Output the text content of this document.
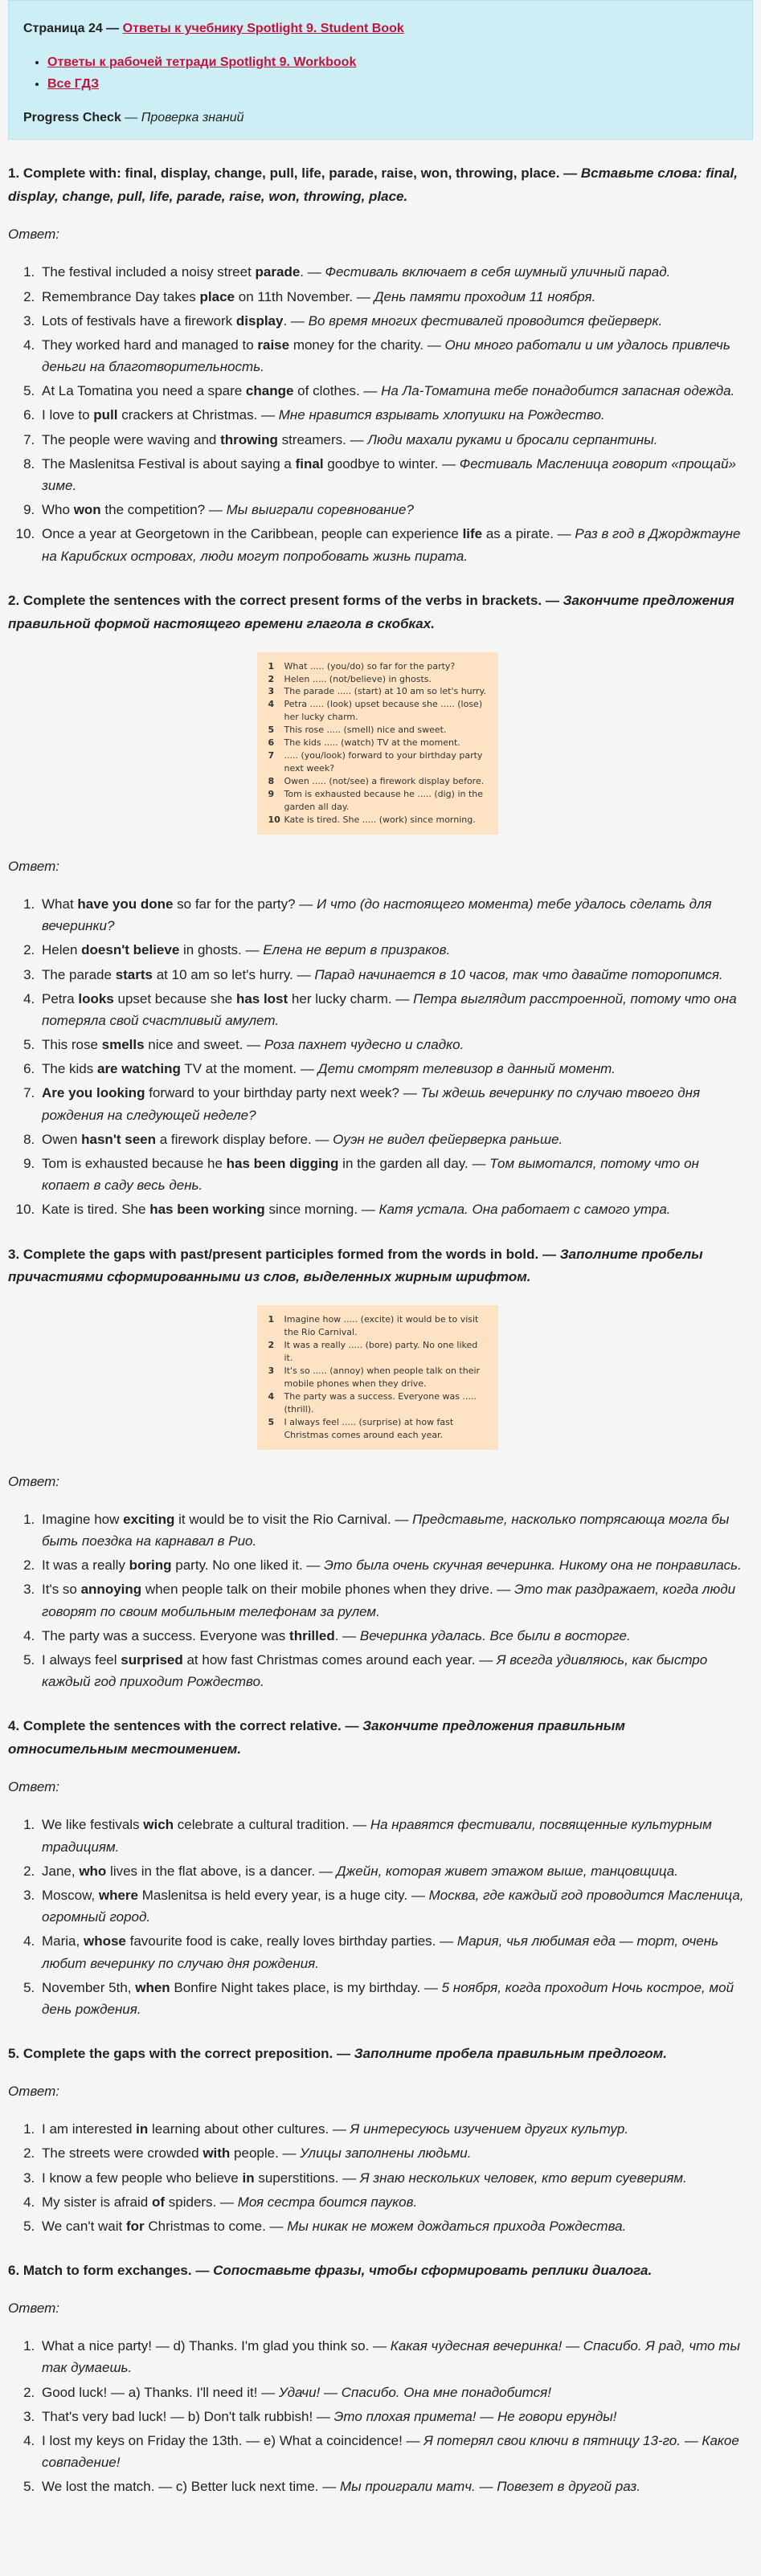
Страница 24 — Ответы к учебнику Spotlight 9. Student Book

• Ответы к рабочей тетради Spotlight 9. Workbook
• Все ГДЗ

Progress Check — Проверка знаний

1. Complete with: final, display, change, pull, life, parade, raise, won, throwing, place. — Вставьте слова: final, display, change, pull, life, parade, raise, won, throwing, place.
Ответ:
1. The festival included a noisy street parade. — Фестиваль включает в себя шумный уличный парад.
2. Remembrance Day takes place on 11th November. — День памяти проходим 11 ноября.
3. Lots of festivals have a firework display. — Во время многих фестивалей проводится фейерверк.
4. They worked hard and managed to raise money for the charity. — Они много работали и им удалось привлечь деньги на благотворительность.
5. At La Tomatina you need a spare change of clothes. — На Ла-Томатина тебе понадобится запасная одежда.
6. I love to pull crackers at Christmas. — Мне нравится взрывать хлопушки на Рождество.
7. The people were waving and throwing streamers. — Люди махали руками и бросали серпантины.
8. The Maslenitsa Festival is about saying a final goodbye to winter. — Фестиваль Масленица говорит «прощай» зиме.
9. Who won the competition? — Мы выиграли соревнование?
10. Once a year at Georgetown in the Caribbean, people can experience life as a pirate. — Раз в год в Джорджтауне на Карибских островах, люди могут попробовать жизнь пирата.
2. Complete the sentences with the correct present forms of the verbs in brackets. — Закончите предложения правильной формой настоящего времени глагола в скобках.
1	What ..... (you/do) so far for the party?
2	Helen ..... (not/believe) in ghosts.
3	The parade ..... (start) at 10 am so let's hurry.
4	Petra ..... (look) upset because she ..... (lose) her lucky charm.
5	This rose ..... (smell) nice and sweet.
6	The kids ..... (watch) TV at the moment.
7	..... (you/look) forward to your birthday party next week?
8	Owen ..... (not/see) a firework display before.
9	Tom is exhausted because he ..... (dig) in the garden all day.
10 Kate is tired. She ..... (work) since morning.
Ответ:
1. What have you done so far for the party? — И что (до настоящего момента) тебе удалось сделать для вечеринки?
2. Helen doesn't believe in ghosts. — Елена не верит в призраков.
3. The parade starts at 10 am so let's hurry. — Парад начинается в 10 часов, так что давайте поторопимся.
4. Petra looks upset because she has lost her lucky charm. — Петра выглядит расстроенной, потому что она потеряла свой счастливый амулет.
5. This rose smells nice and sweet. — Роза пахнет чудесно и сладко.
6. The kids are watching TV at the moment. — Дети смотрят телевизор в данный момент.
7. Are you looking forward to your birthday party next week? — Ты ждешь вечеринку по случаю твоего дня рождения на следующей неделе?
8. Owen hasn't seen a firework display before. — Оуэн не видел фейерверка раньше.
9. Tom is exhausted because he has been digging in the garden all day. — Том вымотался, потому что он копает в саду весь день.
10. Kate is tired. She has been working since morning. — Катя устала. Она работает с самого утра.
3. Complete the gaps with past/present participles formed from the words in bold. — Заполните пробелы причастиями сформированными из слов, выделенных жирным шрифтом.
1	Imagine how ..... (excite) it would be to visit the Rio Carnival.
2	It was a really ..... (bore) party. No one liked it.
3	It's so ..... (annoy) when people talk on their mobile phones when they drive.
4	The party was a success. Everyone was ..... (thrill).
5	I always feel ..... (surprise) at how fast Christmas comes around each year.
Ответ:
1. Imagine how exciting it would be to visit the Rio Carnival. — Представьте, насколько потрясающа могла бы быть поездка на карнавал в Рио.
2. It was a really boring party. No one liked it. — Это была очень скучная вечеринка. Никому она не понравилась.
3. It's so annoying when people talk on their mobile phones when they drive. — Это так раздражает, когда люди говорят по своим мобильным телефонам за рулем.
4. The party was a success. Everyone was thrilled. — Вечеринка удалась. Все были в восторге.
5. I always feel surprised at how fast Christmas comes around each year. — Я всегда удивляюсь, как быстро каждый год приходит Рождество.
4. Complete the sentences with the correct relative. — Закончите предложения правильным относительным местоимением.
Ответ:
1. We like festivals wich celebrate a cultural tradition. — На нравятся фестивали, посвященные культурным традициям.
2. Jane, who lives in the flat above, is a dancer. — Джейн, которая живет этажом выше, танцовщица.
3. Moscow, where Maslenitsa is held every year, is a huge city. — Москва, где каждый год проводится Масленица, огромный город.
4. Maria, whose favourite food is cake, really loves birthday parties. — Мария, чья любимая еда — торт, очень любит вечеринку по случаю дня рождения.
5. November 5th, when Bonfire Night takes place, is my birthday. — 5 ноября, когда проходит Ночь кострое, мой день рождения.
5. Complete the gaps with the correct preposition. — Заполните пробела правильным предлогом.
Ответ:
1. I am interested in learning about other cultures. — Я интересуюсь изучением других культур.
2. The streets were crowded with people. — Улицы заполнены людьми.
3. I know a few people who believe in superstitions. — Я знаю нескольких человек, кто верит суевериям.
4. My sister is afraid of spiders. — Моя сестра боится пауков.
5. We can't wait for Christmas to come. — Мы никак не можем дождаться прихода Рождества.
6. Match to form exchanges. — Сопоставьте фразы, чтобы сформировать реплики диалога.
Ответ:
1. What a nice party! — d) Thanks. I'm glad you think so. — Какая чудесная вечеринка! — Спасибо. Я рад, что ты так думаешь.
2. Good luck! — a) Thanks. I'll need it! — Удачи! — Спасибо. Она мне понадобится!
3. That's very bad luck! — b) Don't talk rubbish! — Это плохая примета! — Не говори ерунды!
4. I lost my keys on Friday the 13th. — e) What a coincidence! — Я потерял свои ключи в пятницу 13-го. — Какое совпадение!
5. We lost the match. — c) Better luck next time. — Мы проиграли матч. — Повезет в другой раз.
